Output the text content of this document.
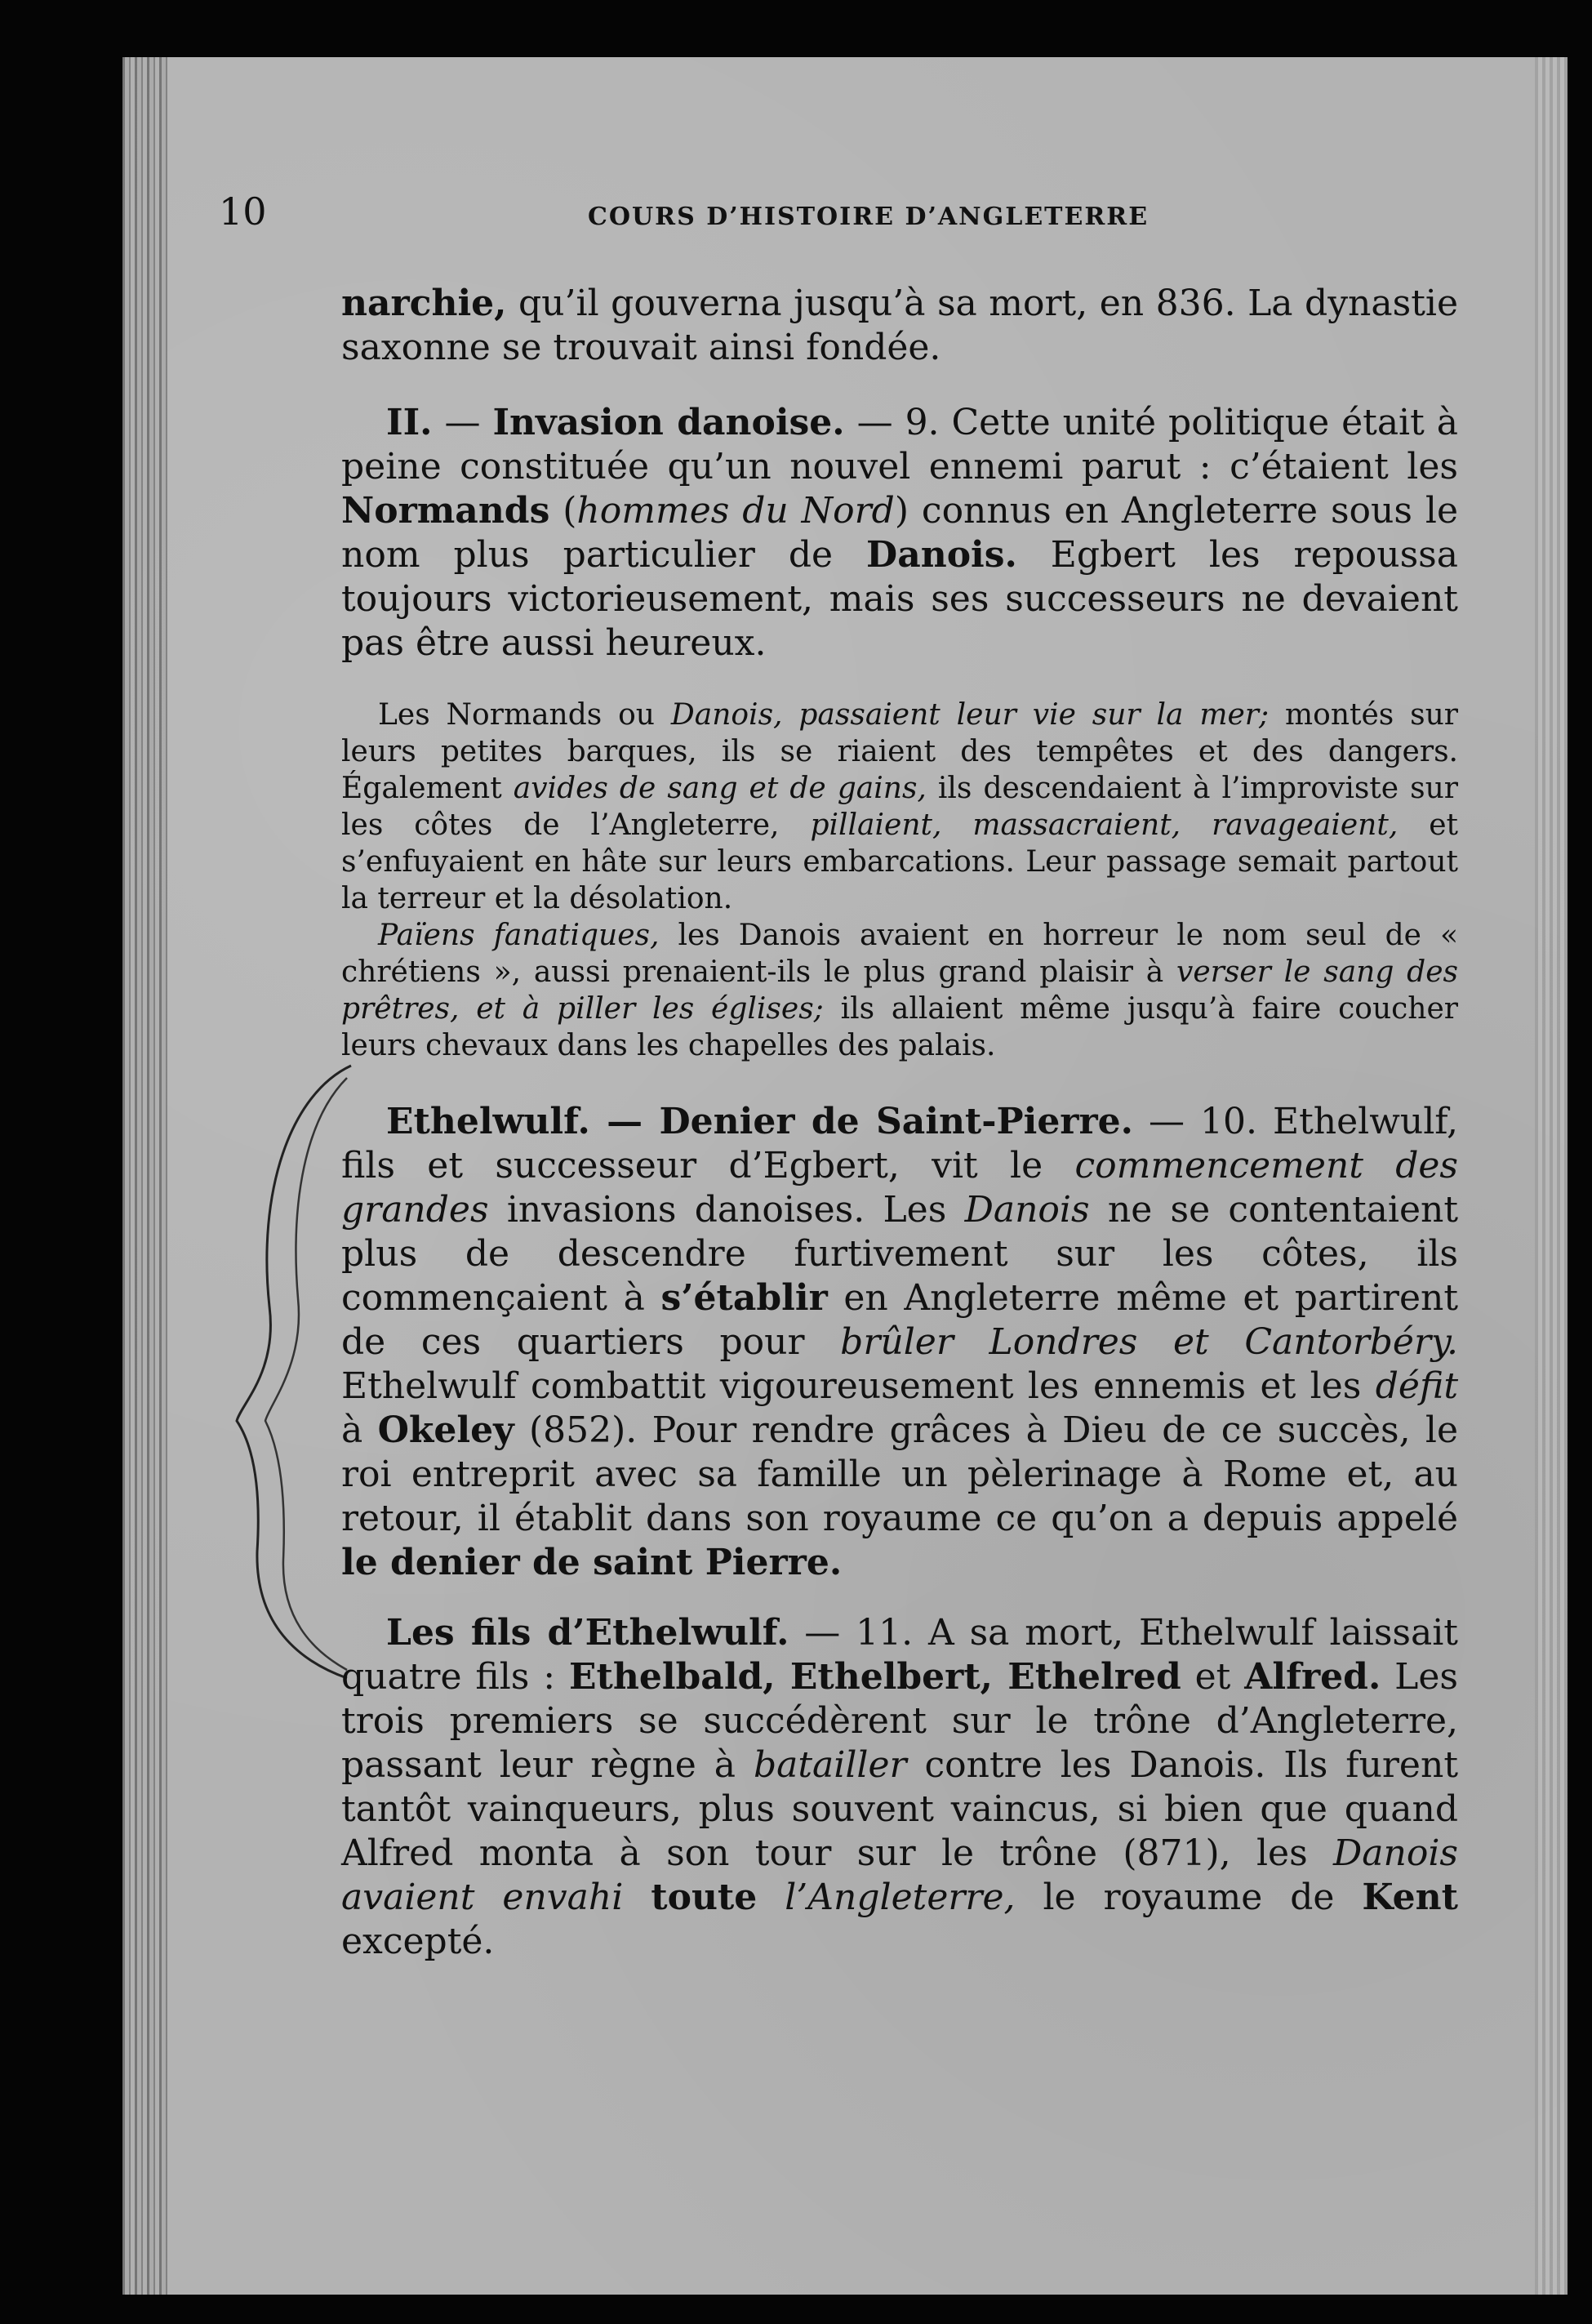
10	COURS D’HISTOIRE D’ANGLETERRE

narchie, qu’il gouverna jusqu’à sa mort, en 836. La dynastie saxonne se trouvait ainsi fondée.

II. — Invasion danoise. — 9. Cette unité politique était à peine constituée qu’un nouvel ennemi parut : c’étaient les Normands (hommes du Nord) connus en Angleterre sous le nom plus particulier de Danois. Egbert les repoussa toujours victorieusement, mais ses successeurs ne devaient pas être aussi heureux.

Les Normands ou Danois, passaient leur vie sur la mer; montés sur leurs petites barques, ils se riaient des tempêtes et des dangers. Également avides de sang et de gains, ils descendaient à l’improviste sur les côtes de l’Angleterre, pillaient, massacraient, ravageaient, et s’enfuyaient en hâte sur leurs embarcations. Leur passage semait partout la terreur et la désolation.

Païens fanatiques, les Danois avaient en horreur le nom seul de « chrétiens », aussi prenaient-ils le plus grand plaisir à verser le sang des prêtres, et à piller les églises; ils allaient même jusqu’à faire coucher leurs chevaux dans les chapelles des palais.

Ethelwulf. — Denier de Saint-Pierre. — 10. Ethelwulf, fils et successeur d’Egbert, vit le commencement des grandes invasions danoises. Les Danois ne se contentaient plus de descendre furtivement sur les côtes, ils commençaient à s’établir en Angleterre même et partirent de ces quartiers pour brûler Londres et Cantorbéry. Ethelwulf combattit vigoureusement les ennemis et les défit à Okeley (852). Pour rendre grâces à Dieu de ce succès, le roi entreprit avec sa famille un pèlerinage à Rome et, au retour, il établit dans son royaume ce qu’on a depuis appelé le denier de saint Pierre.

Les fils d’Ethelwulf. — 11. A sa mort, Ethelwulf laissait quatre fils : Ethelbald, Ethelbert, Ethelred et Alfred. Les trois premiers se succédèrent sur le trône d’Angleterre, passant leur règne à batailler contre les Danois. Ils furent tantôt vainqueurs, plus souvent vaincus, si bien que quand Alfred monta à son tour sur le trône (871), les Danois avaient envahi toute l’Angleterre, le royaume de Kent excepté.
